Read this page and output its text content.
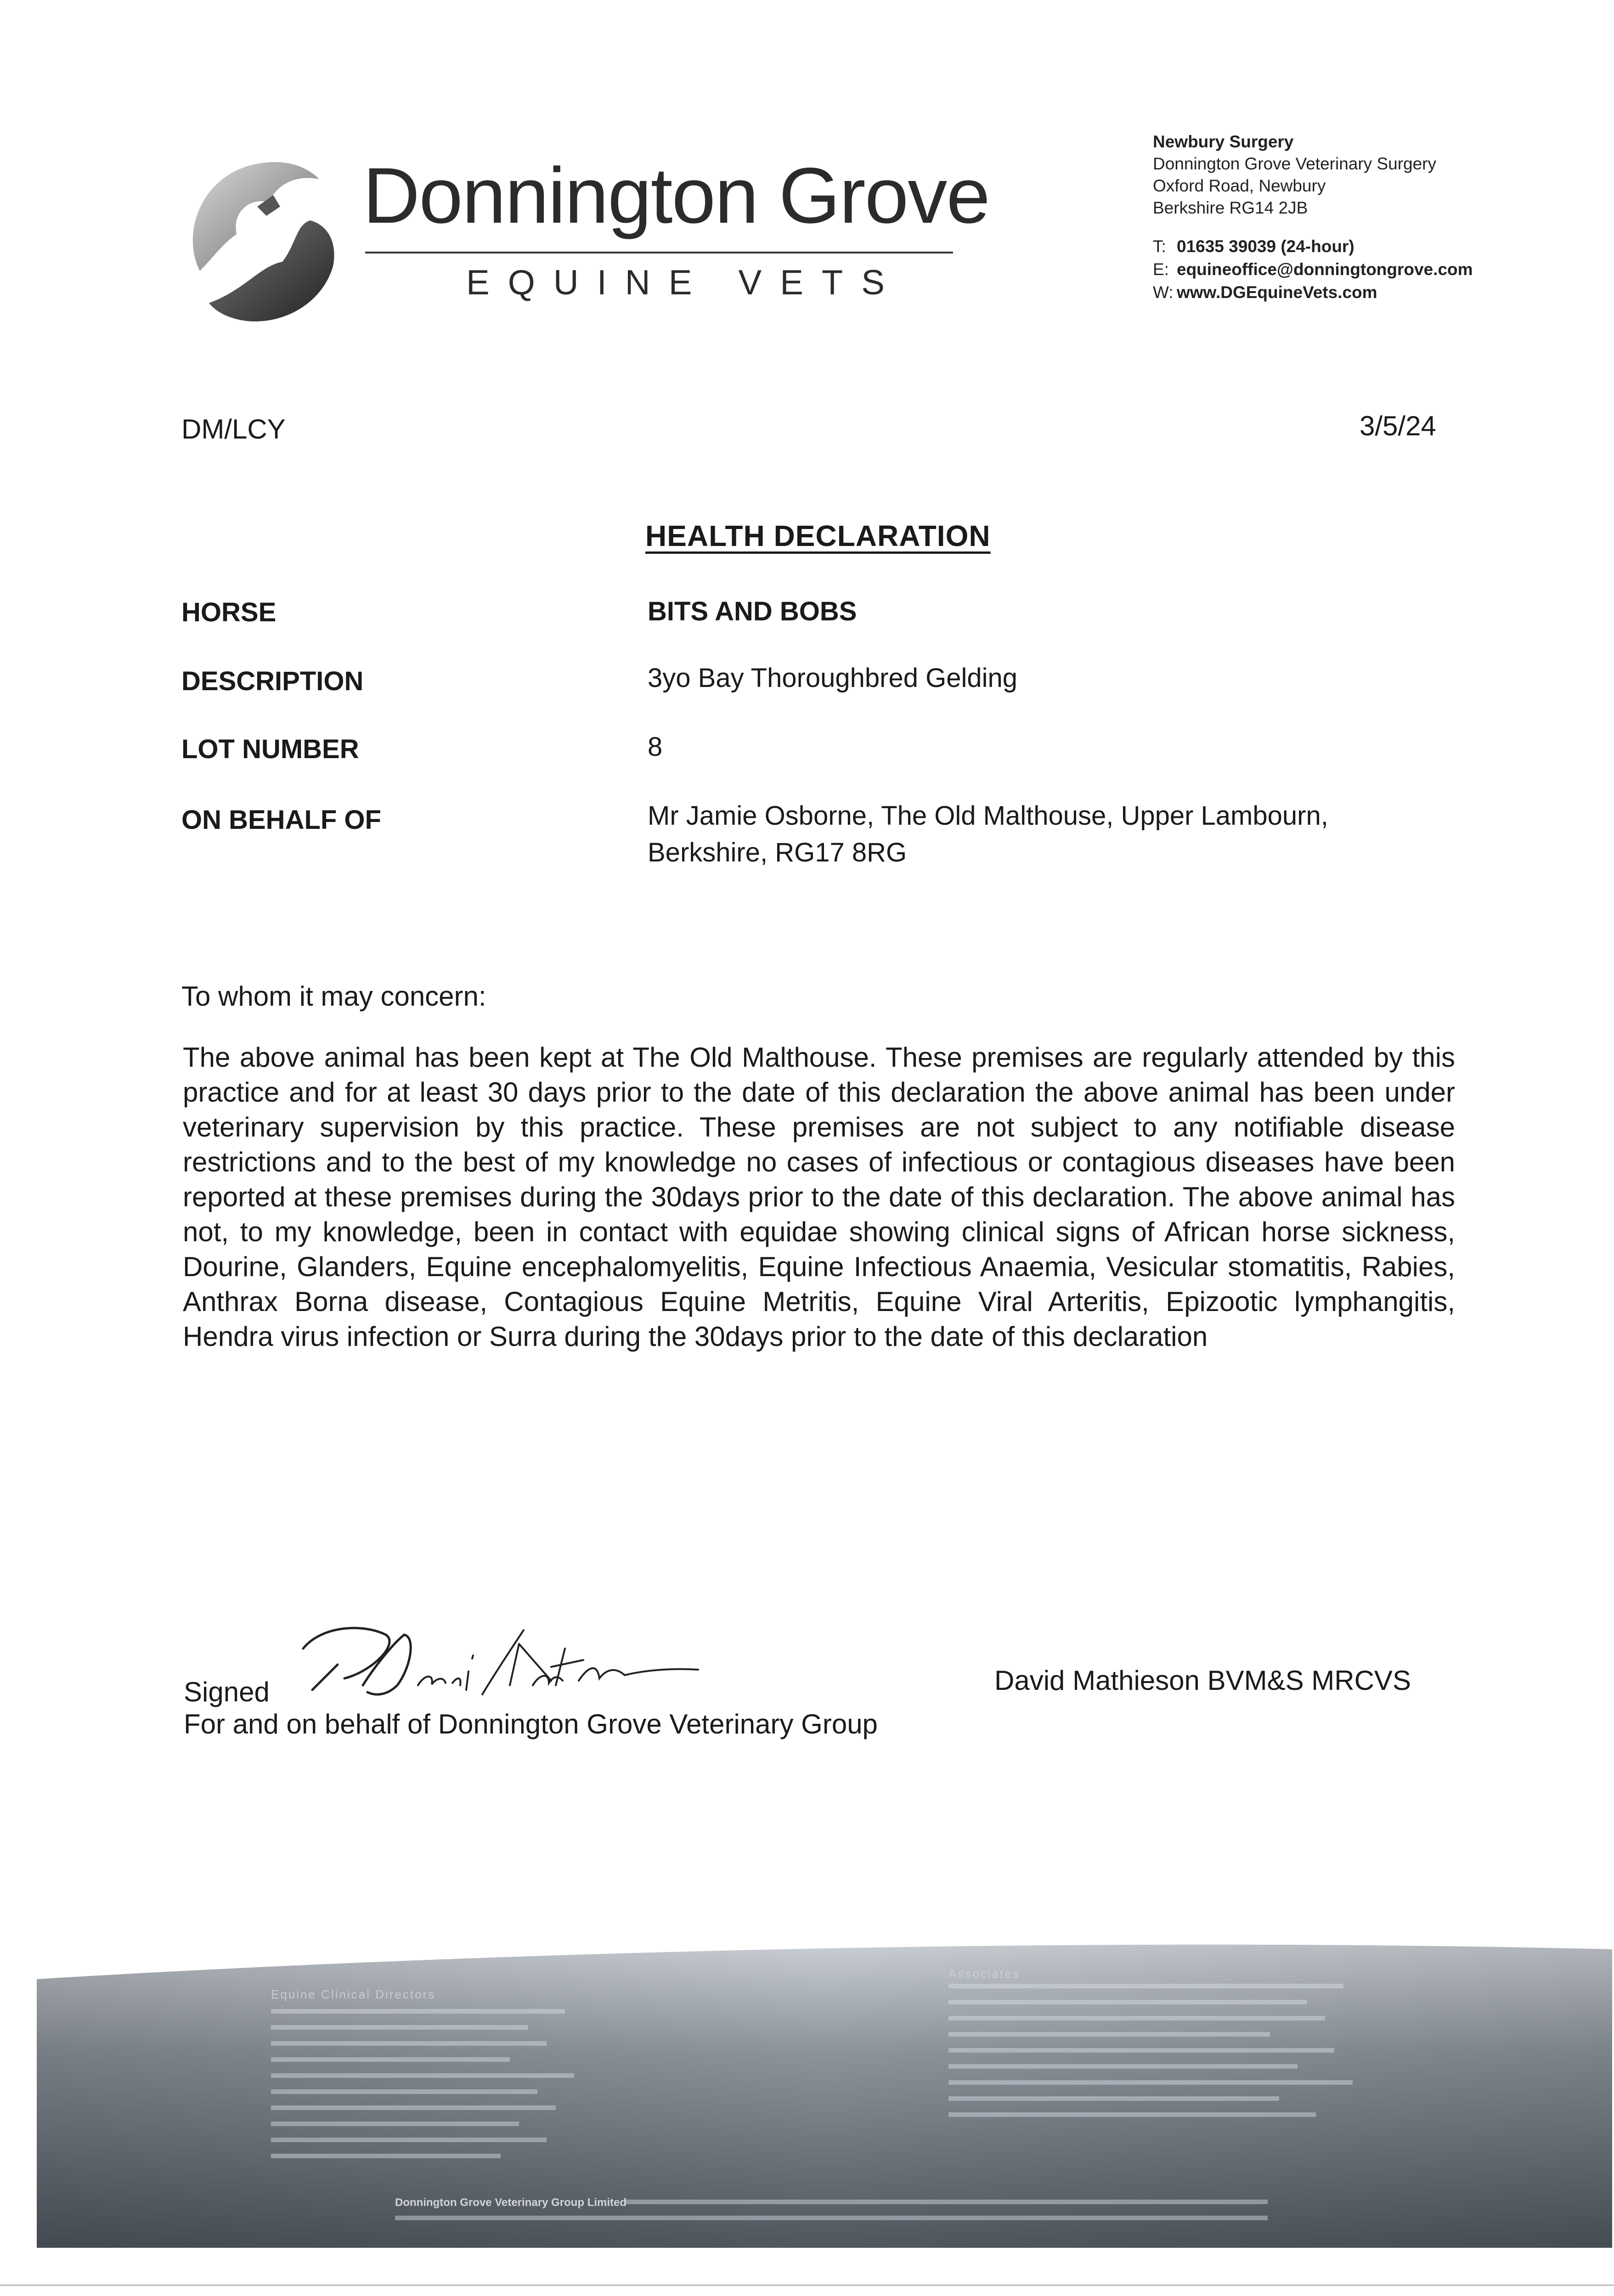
Donnington Grove
EQUINE VETS
Newbury Surgery
Donnington Grove Veterinary Surgery
Oxford Road, Newbury
Berkshire RG14 2JB
T: 01635 39039 (24-hour)
E: equineoffice@donningtongrove.com
W: www.DGEquineVets.com
DM/LCY	3/5/24
HEALTH DECLARATION
HORSE	BITS AND BOBS
DESCRIPTION	3yo Bay Thoroughbred Gelding
LOT NUMBER	8
ON BEHALF OF	Mr Jamie Osborne, The Old Malthouse, Upper Lambourn,
Berkshire, RG17 8RG
To whom it may concern:
The above animal has been kept at The Old Malthouse. These premises are regularly attended by this practice and for at least 30 days prior to the date of this declaration the above animal has been under veterinary supervision by this practice. These premises are not subject to any notifiable disease restrictions and to the best of my knowledge no cases of infectious or contagious diseases have been reported at these premises during the 30days prior to the date of this declaration. The above animal has not, to my knowledge, been in contact with equidae showing clinical signs of African horse sickness, Dourine, Glanders, Equine encephalomyelitis, Equine Infectious Anaemia, Vesicular stomatitis, Rabies, Anthrax Borna disease, Contagious Equine Metritis, Equine Viral Arteritis, Epizootic lymphangitis, Hendra virus infection or Surra during the 30days prior to the date of this declaration
Signed	David Mathieson BVM&S MRCVS
For and on behalf of Donnington Grove Veterinary Group
Equine Clinical Directors
Associates
Donnington Grove Veterinary Group Limited
